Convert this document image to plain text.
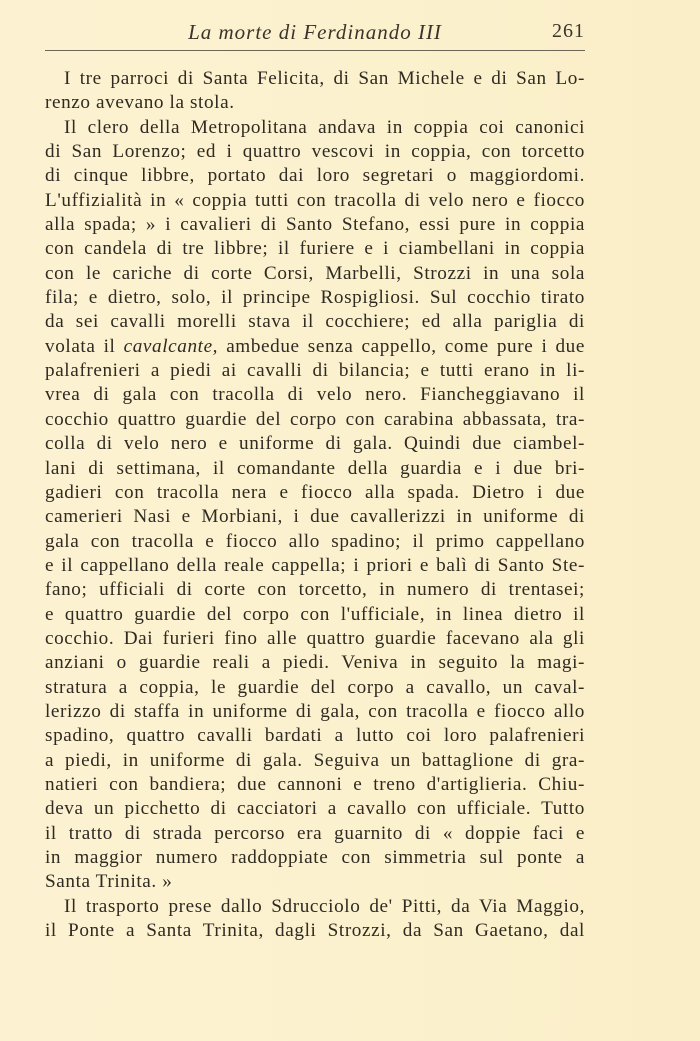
La morte di Ferdinando III	261
I tre parroci di Santa Felicita, di San Michele e di San Lo-
renzo avevano la stola.
Il clero della Metropolitana andava in coppia coi canonici
di San Lorenzo; ed i quattro vescovi in coppia, con torcetto
di cinque libbre, portato dai loro segretari o maggiordomi.
L'uffizialità in « coppia tutti con tracolla di velo nero e fiocco
alla spada; » i cavalieri di Santo Stefano, essi pure in coppia
con candela di tre libbre; il furiere e i ciambellani in coppia
con le cariche di corte Corsi, Marbelli, Strozzi in una sola
fila; e dietro, solo, il principe Rospigliosi. Sul cocchio tirato
da sei cavalli morelli stava il cocchiere; ed alla pariglia di
volata il cavalcante, ambedue senza cappello, come pure i due
palafrenieri a piedi ai cavalli di bilancia; e tutti erano in li-
vrea di gala con tracolla di velo nero. Fiancheggiavano il
cocchio quattro guardie del corpo con carabina abbassata, tra-
colla di velo nero e uniforme di gala. Quindi due ciambel-
lani di settimana, il comandante della guardia e i due bri-
gadieri con tracolla nera e fiocco alla spada. Dietro i due
camerieri Nasi e Morbiani, i due cavallerizzi in uniforme di
gala con tracolla e fiocco allo spadino; il primo cappellano
e il cappellano della reale cappella; i priori e balì di Santo Ste-
fano; ufficiali di corte con torcetto, in numero di trentasei;
e quattro guardie del corpo con l'ufficiale, in linea dietro il
cocchio. Dai furieri fino alle quattro guardie facevano ala gli
anziani o guardie reali a piedi. Veniva in seguito la magi-
stratura a coppia, le guardie del corpo a cavallo, un caval-
lerizzo di staffa in uniforme di gala, con tracolla e fiocco allo
spadino, quattro cavalli bardati a lutto coi loro palafrenieri
a piedi, in uniforme di gala. Seguiva un battaglione di gra-
natieri con bandiera; due cannoni e treno d'artiglieria. Chiu-
deva un picchetto di cacciatori a cavallo con ufficiale. Tutto
il tratto di strada percorso era guarnito di « doppie faci e
in maggior numero raddoppiate con simmetria sul ponte a
Santa Trinita. »
Il trasporto prese dallo Sdrucciolo de' Pitti, da Via Maggio,
il Ponte a Santa Trinita, dagli Strozzi, da San Gaetano, dal
